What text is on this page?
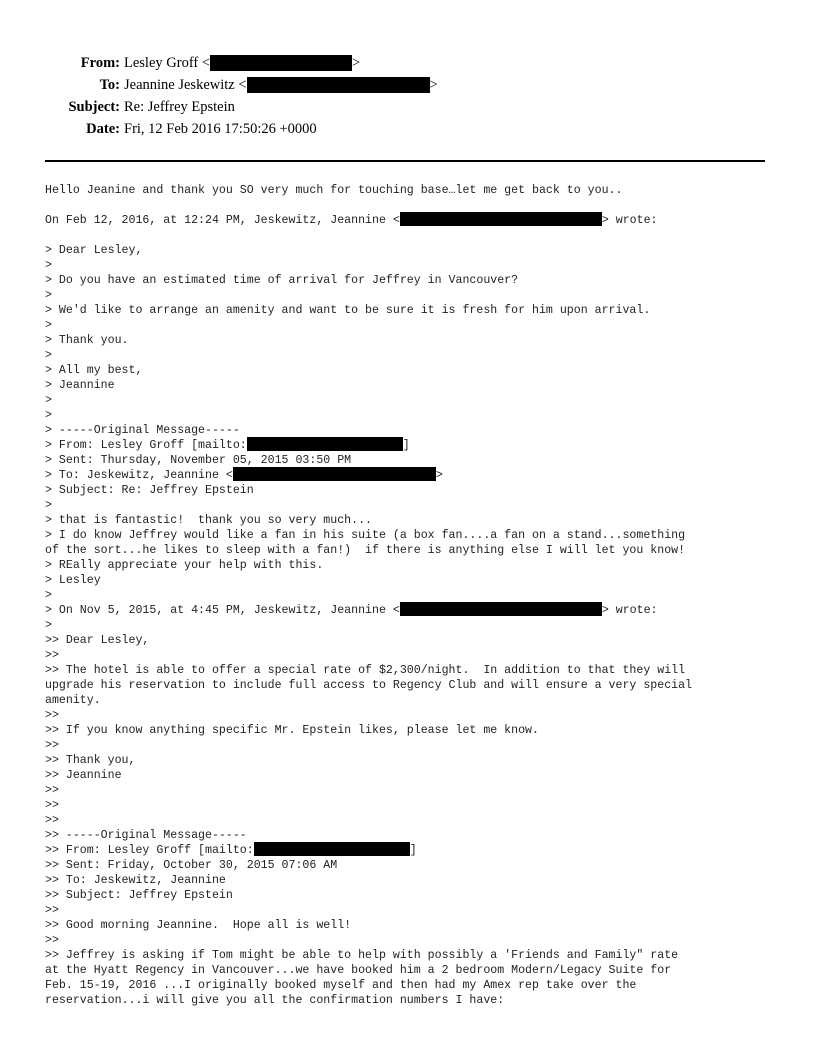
From: Lesley Groff <	>
To: Jeannine Jeskewitz <	>
Subject: Re: Jeffrey Epstein
Date: Fri, 12 Feb 2016 17:50:26 +0000
Hello Jeanine and thank you SO very much for touching base…let me get back to you..
On Feb 12, 2016, at 12:24 PM, Jeskewitz, Jeannine <	> wrote:
> Dear Lesley,
>
> Do you have an estimated time of arrival for Jeffrey in Vancouver?
>
> We'd like to arrange an amenity and want to be sure it is fresh for him upon arrival.
>
> Thank you.
>
> All my best,
> Jeannine
>
>
> -----Original Message-----
> From: Lesley Groff [mailto:	]
> Sent: Thursday, November 05, 2015 03:50 PM
> To: Jeskewitz, Jeannine <	>
> Subject: Re: Jeffrey Epstein
>
> that is fantastic!  thank you so very much...
> I do know Jeffrey would like a fan in his suite (a box fan....a fan on a stand...something
of the sort...he likes to sleep with a fan!)  if there is anything else I will let you know!
> REally appreciate your help with this.
> Lesley
>
> On Nov 5, 2015, at 4:45 PM, Jeskewitz, Jeannine <	> wrote:
>
>> Dear Lesley,
>>
>> The hotel is able to offer a special rate of $2,300/night.  In addition to that they will
upgrade his reservation to include full access to Regency Club and will ensure a very special
amenity.
>>
>> If you know anything specific Mr. Epstein likes, please let me know.
>>
>> Thank you,
>> Jeannine
>>
>>
>>
>> -----Original Message-----
>> From: Lesley Groff [mailto:	]
>> Sent: Friday, October 30, 2015 07:06 AM
>> To: Jeskewitz, Jeannine
>> Subject: Jeffrey Epstein
>>
>> Good morning Jeannine.  Hope all is well!
>>
>> Jeffrey is asking if Tom might be able to help with possibly a 'Friends and Family" rate
at the Hyatt Regency in Vancouver...we have booked him a 2 bedroom Modern/Legacy Suite for
Feb. 15-19, 2016 ...I originally booked myself and then had my Amex rep take over the
reservation...i will give you all the confirmation numbers I have:
